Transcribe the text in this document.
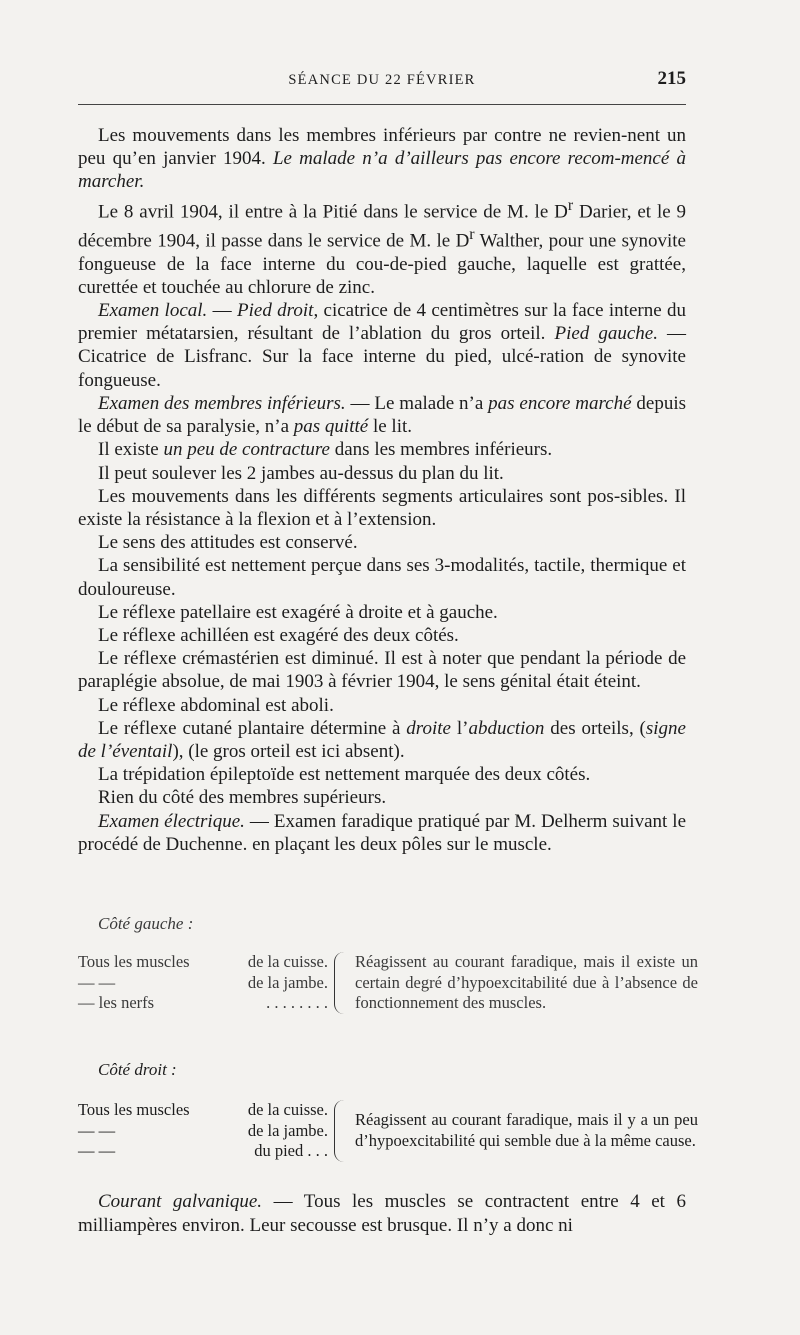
SÉANCE DU 22 FÉVRIER	215

Les mouvements dans les membres inférieurs par contre ne revien-nent un peu qu’en janvier 1904. Le malade n’a d’ailleurs pas encore recom-mencé à marcher.

Le 8 avril 1904, il entre à la Pitié dans le service de M. le $D^r$ Darier, et le 9 décembre 1904, il passe dans le service de M. le $D^r$ Walther, pour une synovite fongueuse de la face interne du cou-de-pied gauche, laquelle est grattée, curettée et touchée au chlorure de zinc.

Examen local. — Pied droit, cicatrice de 4 centimètres sur la face interne du premier métatarsien, résultant de l’ablation du gros orteil. Pied gauche. — Cicatrice de Lisfranc. Sur la face interne du pied, ulcé-ration de synovite fongueuse.

Examen des membres inférieurs. — Le malade n’a pas encore marché depuis le début de sa paralysie, n’a pas quitté le lit.

Il existe un peu de contracture dans les membres inférieurs.

Il peut soulever les 2 jambes au-dessus du plan du lit.

Les mouvements dans les différents segments articulaires sont pos-sibles. Il existe la résistance à la flexion et à l’extension.

Le sens des attitudes est conservé.

La sensibilité est nettement perçue dans ses 3-modalités, tactile, thermique et douloureuse.

Le réflexe patellaire est exagéré à droite et à gauche.

Le réflexe achilléen est exagéré des deux côtés.

Le réflexe crémastérien est diminué. Il est à noter que pendant la période de paraplégie absolue, de mai 1903 à février 1904, le sens génital était éteint.

Le réflexe abdominal est aboli.

Le réflexe cutané plantaire détermine à droite l’abduction des orteils, (signe de l’éventail), (le gros orteil est ici absent).

La trépidation épileptoïde est nettement marquée des deux côtés.

Rien du côté des membres supérieurs.

Examen électrique. — Examen faradique pratiqué par M. Delherm suivant le procédé de Duchenne. en plaçant les deux pôles sur le muscle.

Côté gauche :
Tous les muscles	de la cuisse.
— —	de la jambe.
— les nerfs	. . . . . . . .
Réagissent au courant faradique, mais il existe un certain degré d’hypoexcitabilité due à l’absence de fonctionnement des muscles.
Côté droit :
Tous les muscles	de la cuisse.
— —	de la jambe.
— —	du pied . . .
Réagissent au courant faradique, mais il y a un peu d’hypoexcitabilité qui semble due à la même cause.

Courant galvanique. — Tous les muscles se contractent entre 4 et 6 milliampères environ. Leur secousse est brusque. Il n’y a donc ni
